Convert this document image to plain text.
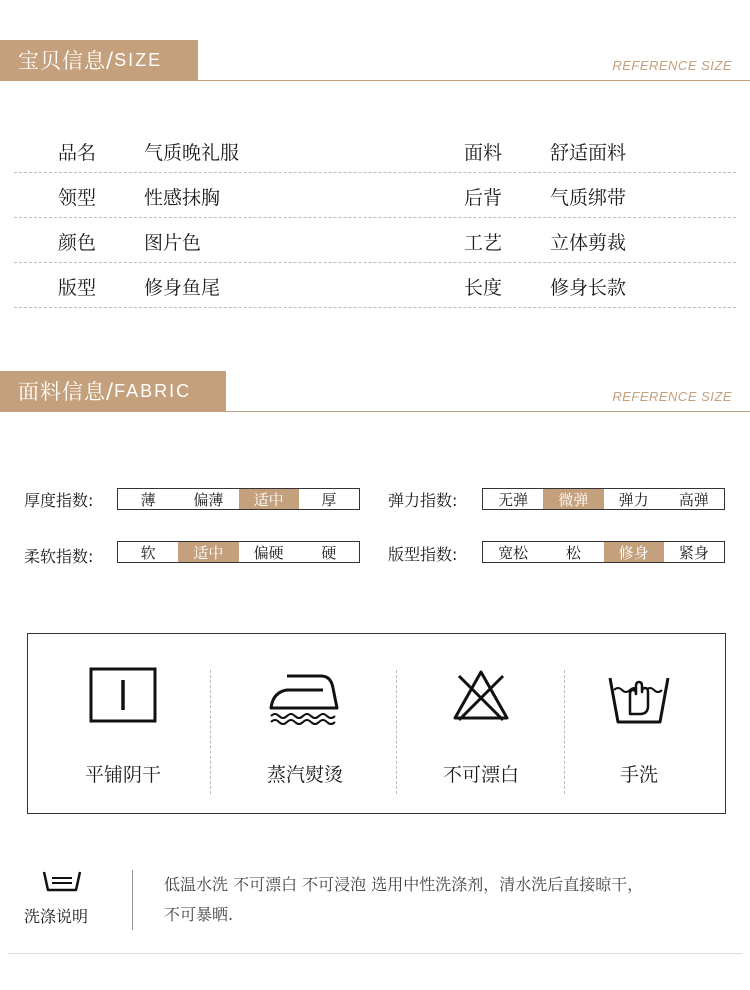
宝贝信息 / SIZE	REFERENCE SIZE
品名	气质晚礼服	面料	舒适面料
领型	性感抹胸	后背	气质绑带
颜色	图片色	工艺	立体剪裁
版型	修身鱼尾	长度	修身长款
面料信息 / FABRIC	REFERENCE SIZE
厚度指数:	薄	偏薄	适中	厚	弹力指数:	无弹	微弹	弹力	高弹
柔软指数:	软	适中	偏硬	硬	版型指数:	宽松	松	修身	紧身
平铺阴干	蒸汽熨烫	不可漂白	手洗
洗涤说明
低温水洗 不可漂白 不可浸泡 选用中性洗涤剂，清水洗后直接晾干，
不可暴晒.
